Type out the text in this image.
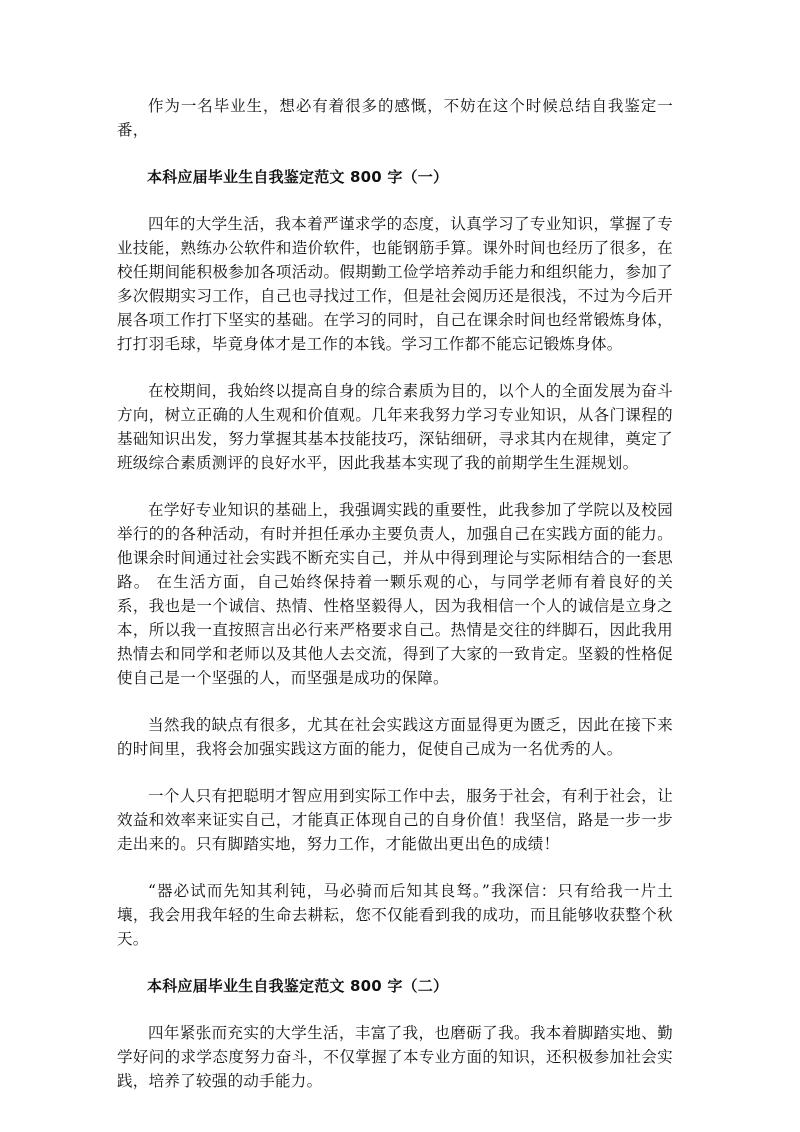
作为一名毕业生，想必有着很多的感慨，不妨在这个时候总结自我鉴定一番，

本科应届毕业生自我鉴定范文 800 字（一）

四年的大学生活，我本着严谨求学的态度，认真学习了专业知识，掌握了专业技能，熟练办公软件和造价软件，也能钢筋手算。课外时间也经历了很多，在校任期间能积极参加各项活动。假期勤工俭学培养动手能力和组织能力，参加了多次假期实习工作，自己也寻找过工作，但是社会阅历还是很浅，不过为今后开展各项工作打下坚实的基础。在学习的同时，自己在课余时间也经常锻炼身体，打打羽毛球，毕竟身体才是工作的本钱。学习工作都不能忘记锻炼身体。

在校期间，我始终以提高自身的综合素质为目的，以个人的全面发展为奋斗方向，树立正确的人生观和价值观。几年来我努力学习专业知识，从各门课程的基础知识出发，努力掌握其基本技能技巧，深钻细研，寻求其内在规律，奠定了班级综合素质测评的良好水平，因此我基本实现了我的前期学生生涯规划。

在学好专业知识的基础上，我强调实践的重要性，此我参加了学院以及校园举行的的各种活动，有时并担任承办主要负责人，加强自己在实践方面的能力。他课余时间通过社会实践不断充实自己，并从中得到理论与实际相结合的一套思路。 在生活方面，自己始终保持着一颗乐观的心，与同学老师有着良好的关系，我也是一个诚信、热情、性格坚毅得人，因为我相信一个人的诚信是立身之本，所以我一直按照言出必行来严格要求自己。热情是交往的绊脚石，因此我用热情去和同学和老师以及其他人去交流，得到了大家的一致肯定。坚毅的性格促使自己是一个坚强的人，而坚强是成功的保障。

当然我的缺点有很多，尤其在社会实践这方面显得更为匮乏，因此在接下来的时间里，我将会加强实践这方面的能力，促使自己成为一名优秀的人。

一个人只有把聪明才智应用到实际工作中去，服务于社会，有利于社会，让效益和效率来证实自己，才能真正体现自己的自身价值！我坚信，路是一步一步走出来的。只有脚踏实地，努力工作，才能做出更出色的成绩！

“器必试而先知其利钝，马必骑而后知其良驽。”我深信：只有给我一片土壤，我会用我年轻的生命去耕耘，您不仅能看到我的成功，而且能够收获整个秋天。

本科应届毕业生自我鉴定范文 800 字（二）

四年紧张而充实的大学生活，丰富了我，也磨砺了我。我本着脚踏实地、勤学好问的求学态度努力奋斗，不仅掌握了本专业方面的知识，还积极参加社会实践，培养了较强的动手能力。
